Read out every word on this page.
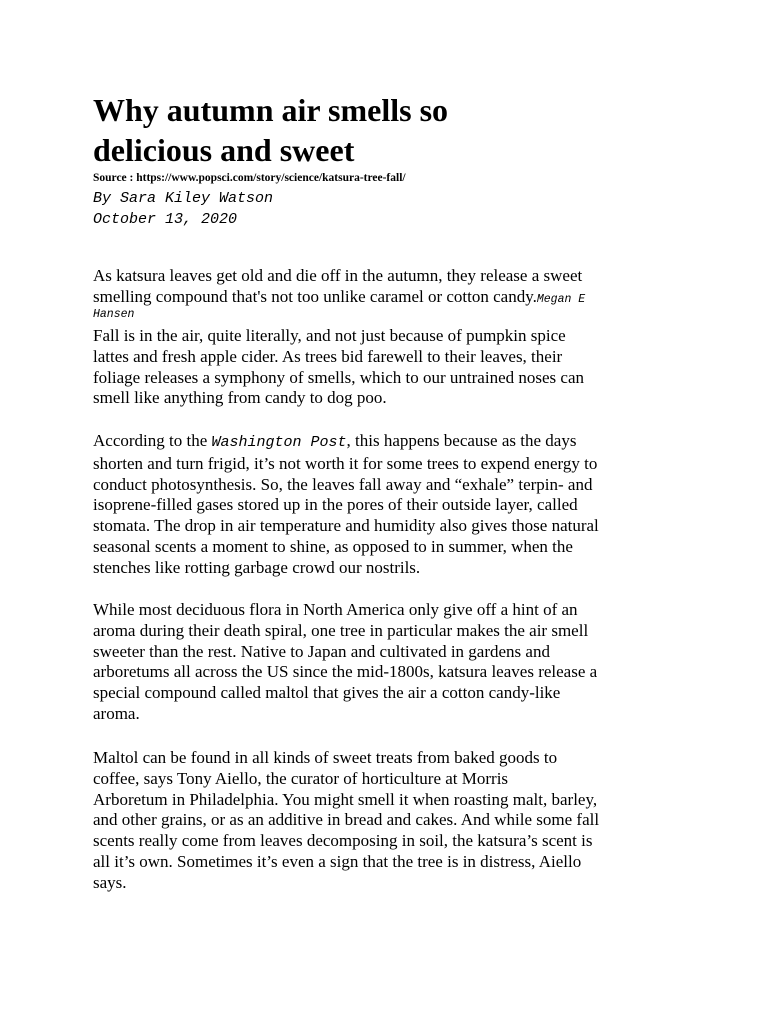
Why autumn air smells so
delicious and sweet
Source : https://www.popsci.com/story/science/katsura-tree-fall/
By Sara Kiley Watson
October 13, 2020
As katsura leaves get old and die off in the autumn, they release a sweet
smelling compound that's not too unlike caramel or cotton candy.Megan E
Hansen
Fall is in the air, quite literally, and not just because of pumpkin spice
lattes and fresh apple cider. As trees bid farewell to their leaves, their
foliage releases a symphony of smells, which to our untrained noses can
smell like anything from candy to dog poo.
According to the Washington Post, this happens because as the days
shorten and turn frigid, it’s not worth it for some trees to expend energy to
conduct photosynthesis. So, the leaves fall away and “exhale” terpin- and
isoprene-filled gases stored up in the pores of their outside layer, called
stomata. The drop in air temperature and humidity also gives those natural
seasonal scents a moment to shine, as opposed to in summer, when the
stenches like rotting garbage crowd our nostrils.
While most deciduous flora in North America only give off a hint of an
aroma during their death spiral, one tree in particular makes the air smell
sweeter than the rest. Native to Japan and cultivated in gardens and
arboretums all across the US since the mid-1800s, katsura leaves release a
special compound called maltol that gives the air a cotton candy-like
aroma.
Maltol can be found in all kinds of sweet treats from baked goods to
coffee, says Tony Aiello, the curator of horticulture at Morris
Arboretum in Philadelphia. You might smell it when roasting malt, barley,
and other grains, or as an additive in bread and cakes. And while some fall
scents really come from leaves decomposing in soil, the katsura’s scent is
all it’s own. Sometimes it’s even a sign that the tree is in distress, Aiello
says.
